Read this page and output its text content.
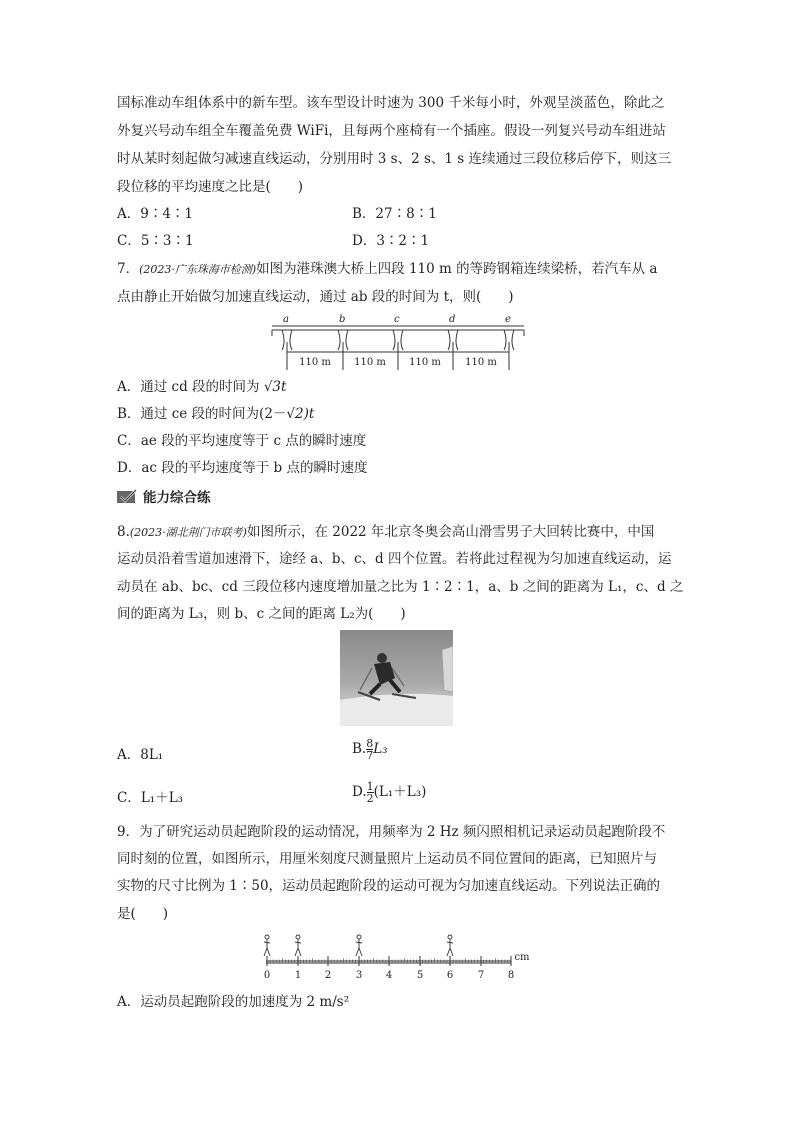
国标准动车组体系中的新车型。该车型设计时速为 300 千米每小时，外观呈淡蓝色，除此之
外复兴号动车组全车覆盖免费 WiFi，且每两个座椅有一个插座。假设一列复兴号动车组进站
时从某时刻起做匀减速直线运动，分别用时 3 s、2 s、1 s 连续通过三段位移后停下，则这三
段位移的平均速度之比是(　　)
A．9∶4∶1	B．27∶8∶1
C．5∶3∶1	D．3∶2∶1
7．(2023·广东珠海市检测)如图为港珠澳大桥上四段 110 m 的等跨钢箱连续梁桥，若汽车从 a
点由静止开始做匀加速直线运动，通过 ab 段的时间为 t，则(　　)
a	b	c	d	e
110 m 110 m 110 m 110 m
A．通过 cd 段的时间为 √3t
B．通过 ce 段的时间为(2－√2)t
C．ae 段的平均速度等于 c 点的瞬时速度
D．ac 段的平均速度等于 b 点的瞬时速度
能力综合练
8.(2023·湖北荆门市联考)如图所示，在 2022 年北京冬奥会高山滑雪男子大回转比赛中，中国
运动员沿着雪道加速滑下，途经 a、b、c、d 四个位置。若将此过程视为匀加速直线运动，运
动员在 ab、bc、cd 三段位移内速度增加量之比为 1∶2∶1，a、b 之间的距离为 L₁，c、d 之
间的距离为 L₃，则 b、c 之间的距离 L₂为(　　)
A．8L₁	B. $\frac{8}{7} L_3$
C．L₁＋L₃	D. $\frac{1}{2} (L_1+L_3)$
9．为了研究运动员起跑阶段的运动情况，用频率为 2 Hz 频闪照相机记录运动员起跑阶段不
同时刻的位置，如图所示，用厘米刻度尺测量照片上运动员不同位置间的距离，已知照片与
实物的尺寸比例为 1∶50，运动员起跑阶段的运动可视为匀加速直线运动。下列说法正确的
是(　　)
0 1 2 3 4 5 6 7 8
cm
A．运动员起跑阶段的加速度为 2 m/s²
